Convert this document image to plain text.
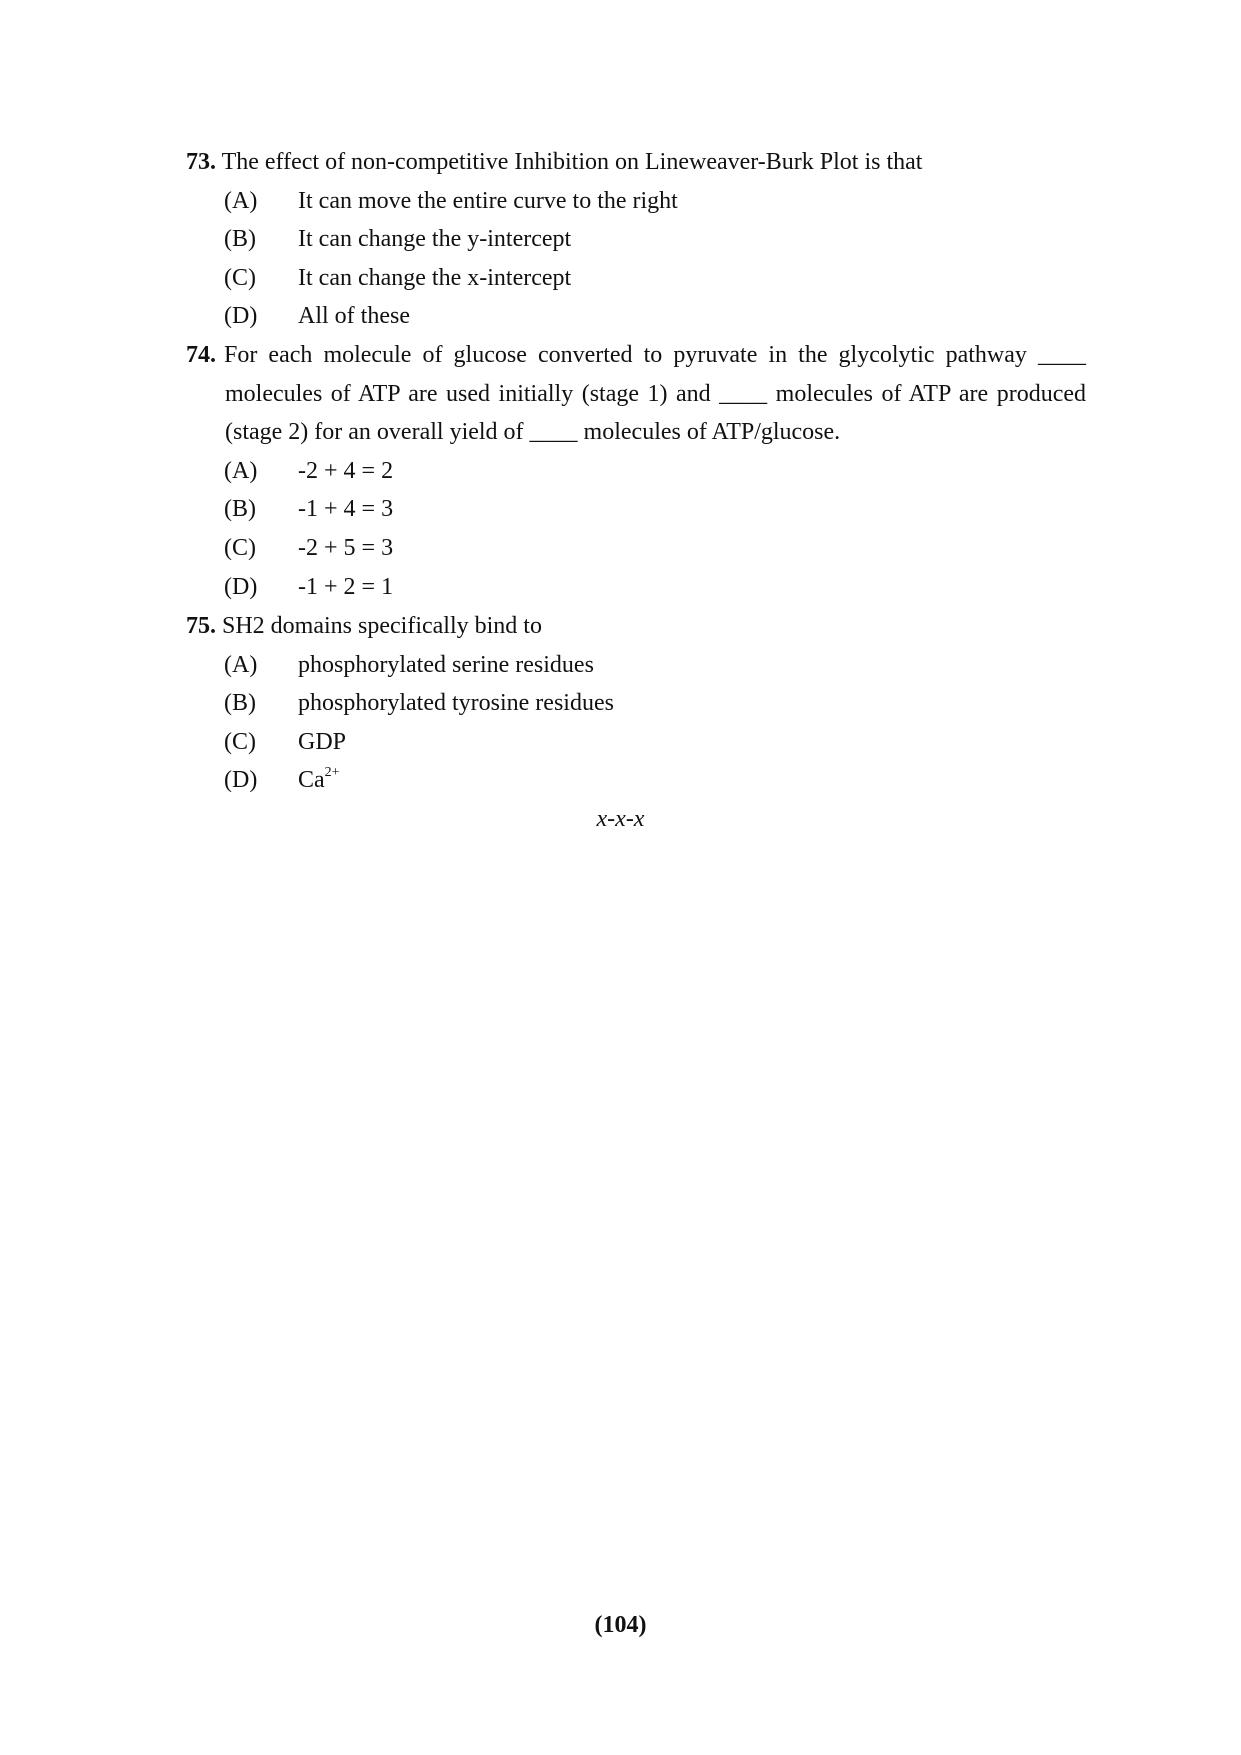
73. The effect of non-competitive Inhibition on Lineweaver-Burk Plot is that
(A) It can move the entire curve to the right
(B) It can change the y-intercept
(C) It can change the x-intercept
(D) All of these
74. For each molecule of glucose converted to pyruvate in the glycolytic pathway ____
molecules of ATP are used initially (stage 1) and ____ molecules of ATP are produced
(stage 2) for an overall yield of ____ molecules of ATP/glucose.
(A) -2 + 4 = 2
(B) -1 + 4 = 3
(C) -2 + 5 = 3
(D) -1 + 2 = 1
75. SH2 domains specifically bind to
(A) phosphorylated serine residues
(B) phosphorylated tyrosine residues
(C) GDP
(D) $Ca^{2+}$
x-x-x
(104)
